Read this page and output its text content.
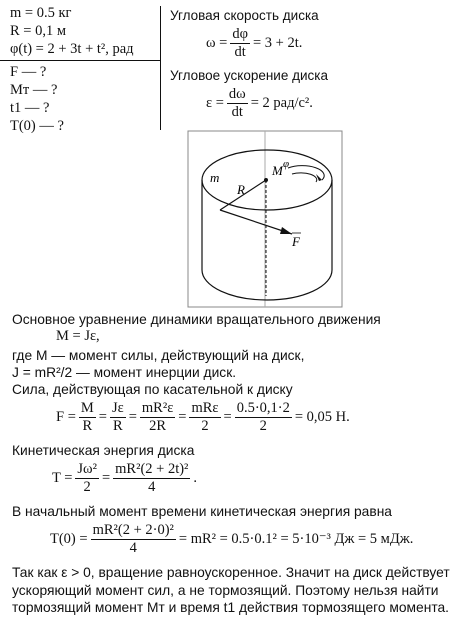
m = 0.5 кг
R = 0,1 м
φ(t) = 2 + 3t + t², рад
F — ?
Mт — ?
t1 — ?
T(0) — ?
Угловая скорость диска
$\omega = \frac{d\varphi}{dt} = 3 + 2t$.
Угловое ускорение диска
$\varepsilon = \frac{d\omega}{dt} = 2$ рад/с².
m
R
M φ
F
Основное уравнение динамики вращательного движения
M = Jε,
где M — момент силы, действующий на диск,
J = mR²/2 — момент инерции диск.
Сила, действующая по касательной к диску
$F = \frac{M}{R} = \frac{J\varepsilon}{R} = \frac{\text{mR²ε}}{2R} = \frac{\text{mRε}}{2} = \frac{0.5\cdot 0,1\cdot 2}{2} = 0,05$ Н.
Кинетическая энергия диска
$T = \frac{\text{Jω²}}{2} = \frac{\text{mR²(2 + 2t)²}}{4}$ .
В начальный момент времени кинетическая энергия равна
$T(0) = \frac{\text{mR²(2 + 2·0)²}}{4} = mR^2 = 0.5\cdot 0.1^2 = 5\cdot 10^{-3}$ Дж = 5 мДж.
Так как ε > 0, вращение равноускоренное. Значит на диск действует
ускоряющий момент сил, а не тормозящий. Поэтому нельзя найти
тормозящий момент Mт и время t1 действия тормозящего момента.
